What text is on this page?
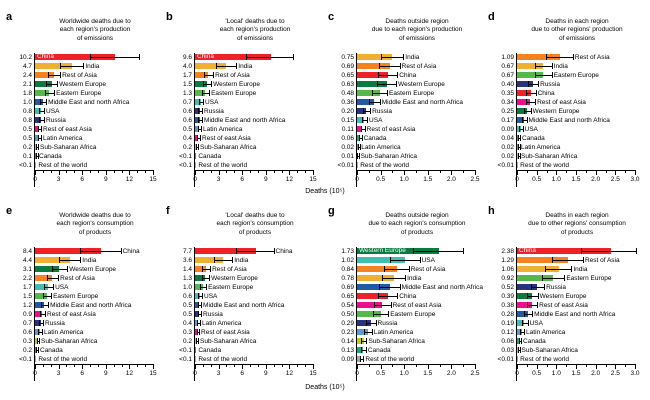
Deaths (10⁵)
Deaths (10⁵)
a	Worldwide deaths due to
each region's production
of emissions
10.2 China
4.7	India
2.4	Rest of Asia
2.1	Western Europe
1.8	Eastern Europe
1.0 Middle East and north Africa
0.8 USA
0.8 Russia
0.5 Rest of east Asia
0.5 Latin America
0.2 Sub-Saharan Africa
0.1 Canada
<0.1 Rest of the world
0	3	6	9	12	15
b	'Local' deaths due to
each region's production
of emissions
9.6 China
4.0	India
1.7	Rest of Asia
1.5	Western Europe
1.3	Eastern Europe
0.7 USA
0.6 Russia
0.6 Middle East and north Africa
0.5 Latin America
0.4 Rest of east Asia
0.2 Sub-Saharan Africa
<0.1 Canada
<0.1 Rest of the world
0	3	6	9	12	15
c	Deaths outside region
due to each region's production
of emissions
0.75	India
0.69	Rest of Asia
0.65	China
0.63	Western Europe
0.48	Eastern Europe
0.36	Middle East and north Africa
0.20	Russia
0.15 USA
0.11 Rest of east Asia
0.06 Canada
0.02 Latin America
0.01 Sub-Saharan Africa
<0.01 Rest of the world
0	0.5	1.0	1.5	2.0	2.5
d	Deaths in each region
due to other regions' production
of emissions
1.09	Rest of Asia
0.67	India
0.67	Eastern Europe
0.40	Russia
0.35	China
0.34	Rest of east Asia
0.25	Western Europe
0.17 Middle East and north Africa
0.09 USA
0.04 Canada
0.02 Latin America
0.02 Sub-Saharan Africa
<0.01 Rest of the world
0	0.5	1.0	1.5	2.0	2.5	3.0
e	Worldwide deaths due to
each region's consumption
of products
8.4	China
4.4	India
3.1	Western Europe
2.2	Rest of Asia
1.7	USA
1.5	Eastern Europe
1.2	Middle East and north Africa
0.9 Rest of east Asia
0.7 Russia
0.6 Latin America
0.3 Sub-Saharan Africa
0.2 Canada
<0.1 Rest of the world
0	3	6	9	12	15
f	'Local' deaths due to
each region's consumption
of products
7.7	China
3.6	India
1.4	Rest of Asia
1.3	Western Europe
1.0 Eastern Europe
0.6 USA
0.5 Middle East and north Africa
0.5 Russia
0.4 Latin America
0.3 Rest of east Asia
0.2 Sub-Saharan Africa
<0.1 Canada
<0.1 Rest of the world
0	3	6	9	12	15
g	Deaths outside region
due to each region's consumption
of products
1.73 Western Europe
1.02	USA
0.84	Rest of Asia
0.78	India
0.69	Middle East and north Africa
0.65	China
0.54	Rest of east Asia
0.50	Eastern Europe
0.29	Russia
0.23	Latin America
0.14 Sub-Saharan Africa
0.13 Canada
0.09 Rest of the world
0	0.5	1.0	1.5	2.0	2.5
h	Deaths in each region
due to other regions' consumption
of products
2.38 China
1.29	Rest of Asia
1.06	India
0.92	Eastern Europe
0.52	Russia
0.39	Western Europe
0.38	Rest of east Asia
0.28	Middle East and north Africa
0.19 USA
0.12 Latin America
0.06 Canada
0.03 Sub-Saharan Africa
<0.01 Rest of the world
0	0.5	1.0	1.5	2.0	2.5	3.0
